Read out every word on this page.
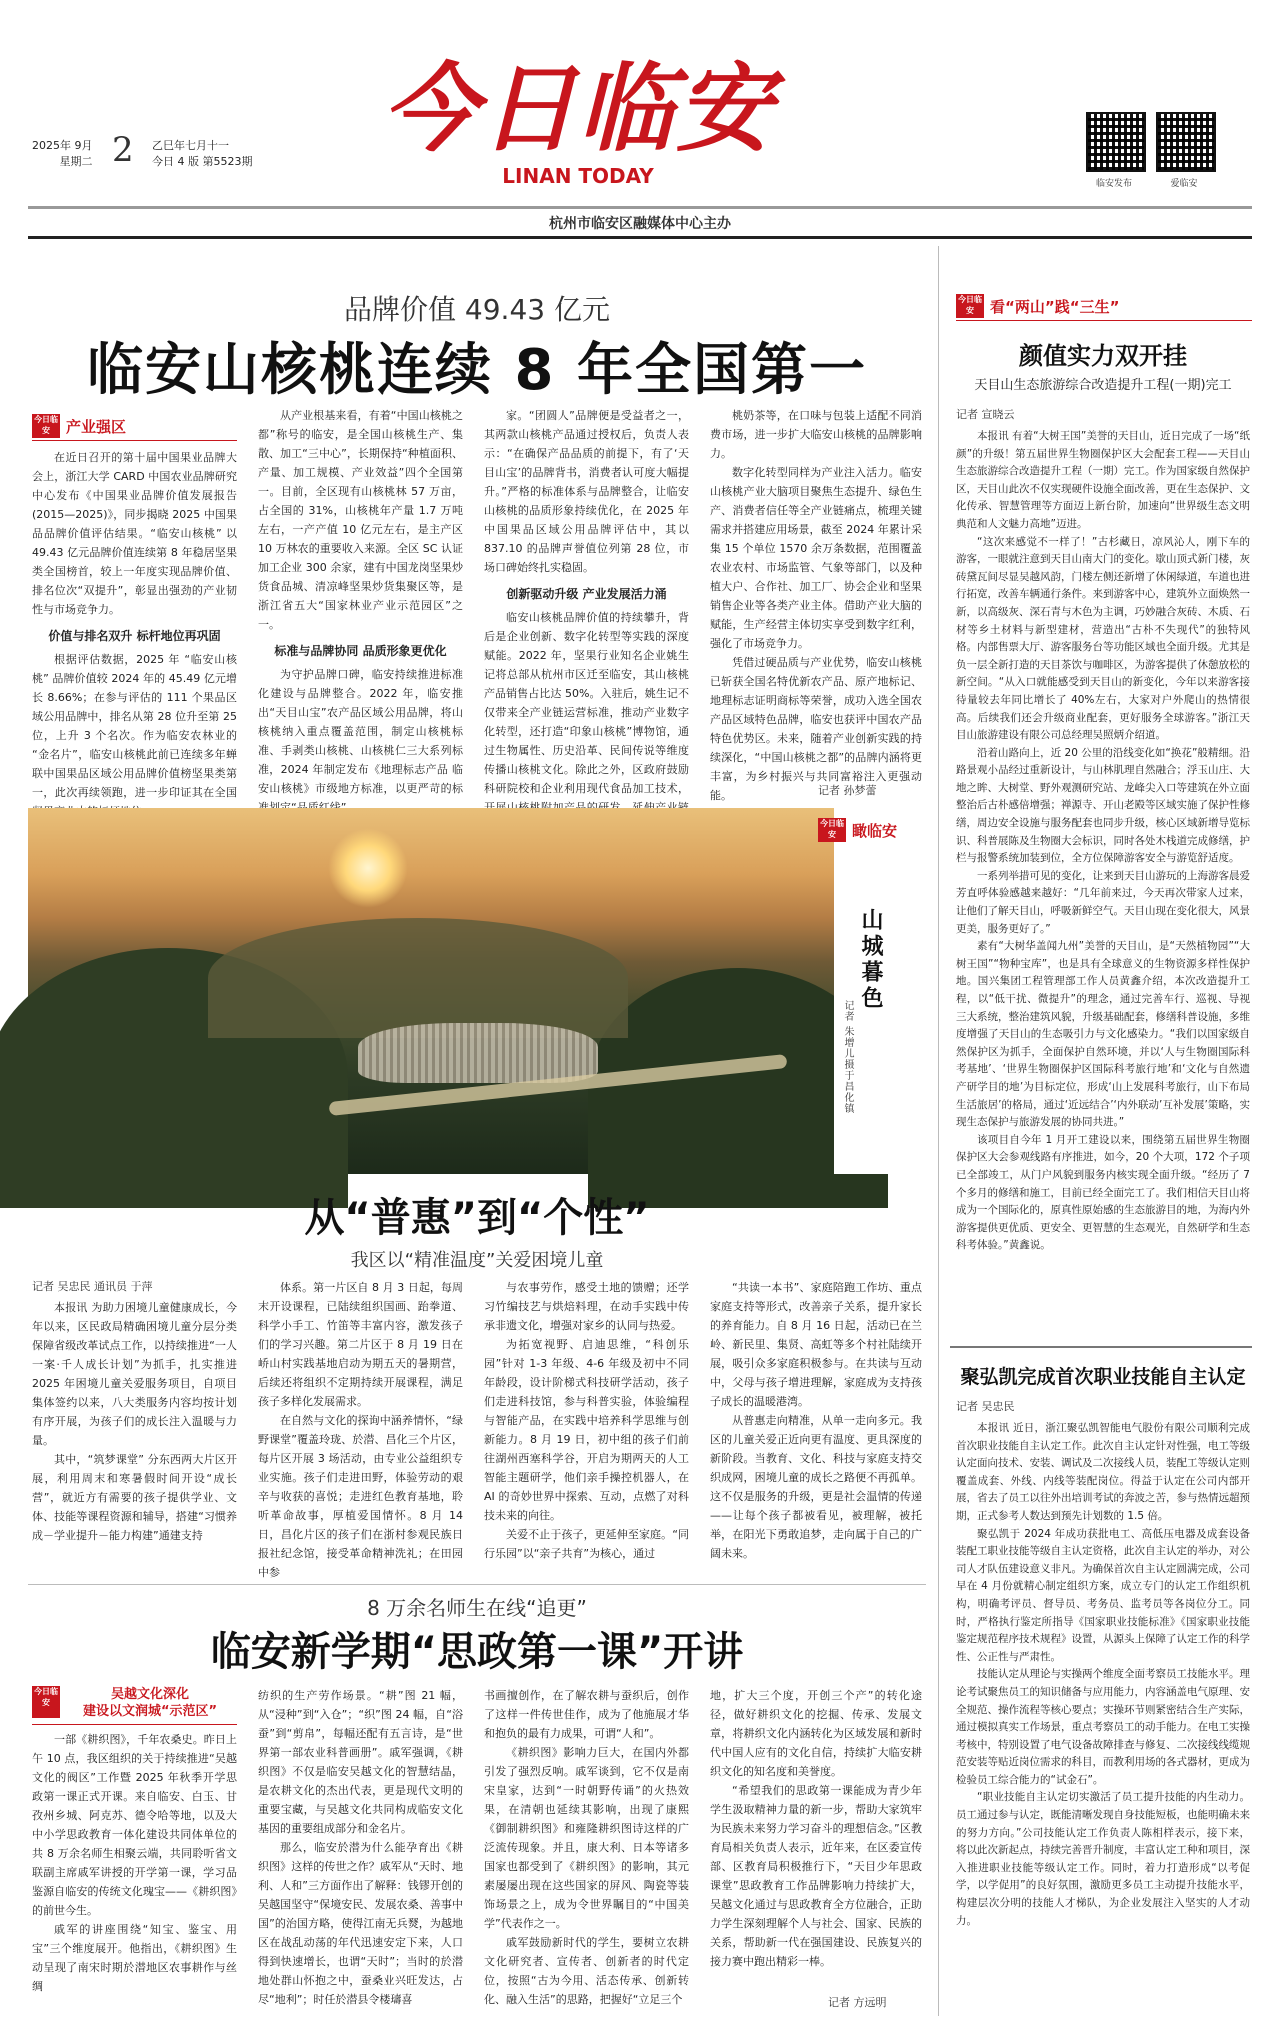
2025年 9月
星期二 2 乙巳年七月十一
今日 4 版 第5523期 今日临安
LINAN TODAY	临安发布	爱临安
杭州市临安区融媒体中心主办
品牌价值 49.43 亿元
临安山核桃连续 8 年全国第一
今日临安	产业强区

在近日召开的第十届中国果业品牌大会上，浙江大学 CARD 中国农业品牌研究中心发布《中国果业品牌价值发展报告(2015—2025)》，同步揭晓 2025 中国果品品牌价值评估结果。“临安山核桃” 以 49.43 亿元品牌价值连续第 8 年稳居坚果类全国榜首，较上一年度实现品牌价值、排名位次“双提升”，彰显出强劲的产业韧性与市场竞争力。

价值与排名双升 标杆地位再巩固

根据评估数据，2025 年 “临安山核桃” 品牌价值较 2024 年的 45.49 亿元增长 8.66%；在参与评估的 111 个果品区域公用品牌中，排名从第 28 位升至第 25 位，上升 3 个名次。作为临安农林业的 “金名片”，临安山核桃此前已连续多年蝉联中国果品区域公用品牌价值榜坚果类第一，此次再续领跑，进一步印证其在全国

从产业根基来看，有着“中国山核桃之都”称号的临安，是全国山核桃生产、集散、加工“三中心”，长期保持“种植面积、产量、加工规模、产业效益”四个全国第一。目前，全区现有山核桃林 57 万亩，占全国的 31%，山核桃年产量 1.7 万吨左右，一产产值 10 亿元左右，是主产区 10 万林农的重要收入来源。全区 SC 认证加工企业 300 余家，建有中国龙岗坚果炒货食品城、清凉峰坚果炒货集聚区等，是浙江省五大“国家林业产业示范园区”之一。

标准与品牌协同 品质形象更优化

为守护品牌口碑，临安持续推进标准化建设与品牌整合。2022 年，临安推出“天目山宝”农产品区域公用品牌，将山核桃纳入重点覆盖范围，制定山核桃标准、手剥类山核桃、山核桃仁三大系列标准，2024 年制定发布《地理标志产品 临安山核桃》市级地方标准，以更严苛的标

家。“团圆人”品牌便是受益者之一，其两款山核桃产品通过授权后，负责人表示：“在确保产品品质的前提下，有了‘天目山宝’的品牌背书，消费者认可度大幅提升。”严格的标准体系与品牌整合，让临安山核桃的品质形象持续优化，在 2025 年中国果品区域公用品牌评估中，其以 837.10 的品牌声誉值位列第 28 位，市场口碑始终扎实稳固。

创新驱动升级 产业发展活力涌

临安山核桃品牌价值的持续攀升，背后是企业创新、数字化转型等实践的深度赋能。2022 年，坚果行业知名企业姚生记将总部从杭州市区迁至临安，其山核桃产品销售占比达 50%。入驻后，姚生记不仅带来全产业链运营标准，推动产业数字化转型，还打造“印象山核桃”博物馆，通过生物属性、历史沿革、民间传说等维度传播山核桃文化。除此之外，区政府鼓励科研院校和企业利用现代食品加工技术，

桃奶茶等，在口味与包装上适配不同消费市场，进一步扩大临安山核桃的品牌影响力。

数字化转型同样为产业注入活力。临安山核桃产业大脑项目聚焦生态提升、绿色生产、消费者信任等全产业链痛点，梳理关键需求并搭建应用场景，截至 2024 年累计采集 15 个单位 1570 余万条数据，范围覆盖农业农村、市场监管、气象等部门，以及种植大户、合作社、加工厂、协会企业和坚果销售企业等各类产业主体。借助产业大脑的赋能，生产经营主体切实享受到数字红利，强化了市场竞争力。

凭借过硬品质与产业优势，临安山核桃已斩获全国名特优新农产品、原产地标记、地理标志证明商标等荣誉，成功入选全国农产品区域特色品牌，临安也获评中国农产品特色优势区。未来，随着产业创新实践的持续深化，“中国山核桃之都”的品牌内涵将更丰富，为乡村振兴与共同富裕注入更强动能。	记者 孙梦蕾
今日临安	瞰临安
山城暮色
记者 朱增儿摄于昌化镇
从“普惠”到“个性”
我区以“精准温度”关爱困境儿童
记者 吴忠民 通讯员 于萍

本报讯 为助力困境儿童健康成长，今年以来，区民政局精确困境儿童分层分类保障省级改革试点工作，以持续推进“一人一案·千人成长计划”为抓手，扎实推进 2025 年困境儿童关爱服务项目，自项目集体签约以来，八大类服务内容均按计划有序开展，为孩子们的成长注入温暖与力量。

其中，“筑梦课堂” 分东西两大片区开展，利用周末和寒暑假时间开设“成长营”，就近方有需要的孩子提供学业、文体、技能等课程资源和辅导，搭建“习惯养成－学业提升－能力构建”通建支持

体系。第一片区自 8 月 3 日起，每周末开设课程，已陆续组织国画、跆拳道、科学小手工、竹笛等丰富内容，激发孩子们的学习兴趣。第二片区于 8 月 19 日在峤山村实践基地启动为期五天的暑期营，后续还将组织不定期持续开展课程，满足孩子多样化发展需求。

在自然与文化的探询中涵养情怀，“绿野课堂”覆盖玲珑、於潜、昌化三个片区，每片区开展 3 场活动，由专业公益组织专业实施。孩子们走进田野，体验劳动的艰辛与收获的喜悦；走进红色教育基地，聆听革命故事，厚植爱国情怀。8 月 14 日，昌化片区的孩子们在浙村参观民族日报社纪念馆，接受革命精神洗礼；在田园中参

与农事劳作，感受土地的馈赠；还学习竹编技艺与烘焙料理，在动手实践中传承非遗文化，增强对家乡的认同与热爱。

为拓宽视野、启迪思维，“科创乐园”针对 1-3 年级、4-6 年级及初中不同年龄段，设计阶梯式科技研学活动，孩子们走进科技馆，参与科普实验，体验编程与智能产品，在实践中培养科学思维与创新能力。8 月 19 日，初中组的孩子们前往湖州西塞科学谷，开启为期两天的人工智能主题研学，他们亲手操控机器人，在 AI 的奇妙世界中探索、互动，点燃了对科技未来的向往。

关爱不止于孩子，更延伸至家庭。“同行乐园”以“亲子共育”为核心，通过

“共读一本书”、家庭陪跑工作坊、重点家庭支持等形式，改善亲子关系，提升家长的养育能力。自 8 月 16 日起，活动已在兰岭、新民里、集贤、高虹等多个村社陆续开展，吸引众多家庭积极参与。在共读与互动中，父母与孩子增进理解，家庭成为支持孩子成长的温暖港湾。

从普惠走向精准，从单一走向多元。我区的儿童关爱正近向更有温度、更具深度的新阶段。当教育、文化、科技与家庭支持交织成网，困境儿童的成长之路便不再孤单。这不仅是服务的升级，更是社会温情的传递——让每个孩子都被看见，被理解，被托举，在阳光下勇敢追梦，走向属于自己的广阔未来。

8 万余名师生在线“追更”
临安新学期“思政第一课”开讲
今日临安
吴越文化深化
建设以文润城“示范区”

一部《耕织图》，千年农桑史。昨日上午 10 点，我区组织的关于持续推进“吴越文化的阀区”工作暨 2025 年秋季开学思政第一课正式开课。来自临安、白玉、甘孜州乡城、阿克苏、德令哈等地，以及大中小学思政教育一体化建设共同体单位的共 8 万余名师生相聚云端，共同聆听省文联副主席戚军讲授的开学第一课，学习品鉴源自临安的传统文化瑰宝——《耕织图》的前世今生。

戚军的讲座围绕“知宝、鉴宝、用宝”三个维度展开。他指出，《耕织图》生动呈现了南宋时期於潜地区农事耕作与丝绸

纺织的生产劳作场景。“耕”图 21 幅，从“浸种”到“入仓”；“织”图 24 幅，自“浴蚕”到“剪帛”，每幅还配有五言诗，是“世界第一部农业科普画册”。戚军强调，《耕织图》不仅是临安吴越文化的智慧结晶，是农耕文化的杰出代表，更是现代文明的重要宝藏，与吴越文化共同构成临安文化基因的重要组成部分和金名片。

那么，临安於潜为什么能孕育出《耕织图》这样的传世之作？戚军从“天时、地利、人和”三方面作出了解释：钱镠开创的吴越国坚守“保境安民、发展农桑、善事中国”的治国方略，使得江南无兵燹，为越地区在战乱动荡的年代迅速安定下来，人口得到快速增长，也谓“天时”；当时的於潜地处群山怀抱之中，蚕桑业兴旺发达，占尽“地利”；时任於潜县令楼璹喜

书画擅创作，在了解农耕与蚕织后，创作了这样一件传世佳作，成为了他施展才华和抱负的最有力成果，可谓“人和”。

《耕织图》影响力巨大，在国内外都引发了强烈反响。戚军谈到，它不仅是南宋皇家，达到“一时朝野传诵”的火热效果，在清朝也延续其影响，出现了康熙《御制耕织图》和雍隆耕织图诗这样的广泛流传现象。并且，康大利、日本等诸多国家也都受到了《耕织图》的影响，其元素屡屡出现在这些国家的屏风、陶瓷等装饰场景之上，成为令世界瞩目的“中国美学”代表作之一。

戚军鼓励新时代的学生，要树立农耕文化研究者、宣传者、创新者的时代定位，按照“古为今用、活态传承、创新转化、融入生活”的思路，把握好“立足三个

地，扩大三个度，开创三个产”的转化途径，做好耕织文化的挖掘、传承、发展文章，将耕织文化内涵转化为区域发展和新时代中国人应有的文化自信，持续扩大临安耕织文化的知名度和美誉度。

“希望我们的思政第一课能成为青少年学生汲取精神力量的新一步，帮助大家筑牢为民族未来努力学习奋斗的理想信念。”区教育局相关负责人表示，近年来，在区委宣传部、区教育局积极推行下，“天目少年思政课堂”思政教育工作品牌影响力持续扩大，吴越文化通过与思政教育全方位融合，正助力学生深刻理解个人与社会、国家、民族的关系，帮助新一代在强国建设、民族复兴的接力赛中跑出精彩一棒。

记者 方远明
今日临安	看“两山”践“三生”
颜值实力双开挂
天目山生态旅游综合改造提升工程(一期)完工
记者 宣晓云

本报讯 有着“大树王国”美誉的天目山，近日完成了一场“纸颜”的升级！第五届世界生物圈保护区大会配套工程——天目山生态旅游综合改造提升工程（一期）完工。作为国家级自然保护区，天目山此次不仅实现硬件设施全面改善，更在生态保护、文化传承、智慧管理等方面迈上新台阶，加速向“世界级生态文明典范和人文魅力高地”迈进。

“这次来感觉不一样了！”古杉藏日，凉风沁人，刚下车的游客，一眼就注意到天目山南大门的变化。歇山顶式新门楼，灰砖黛瓦间尽显吴越风韵，门楼左侧还新增了休闲绿道，车道也进行拓宽，改善车辆通行条件。来到游客中心，建筑外立面焕然一新，以高级灰、深石青与木色为主调，巧妙融合灰砖、木质、石材等乡土材料与新型建材，营造出“古朴不失现代”的独特风格。内部售票大厅、游客服务台等功能区域也全面升级。尤其是负一层全新打造的天目茶饮与咖啡区，为游客提供了休憩放松的新空间。“从入口就能感受到天目山的新变化，今年以来游客接待量较去年同比增长了 40%左右，大家对户外爬山的热情很高。后续我们还会升级商业配套，更好服务全球游客。”浙江天目山旅游建设有限公司总经理吴照炳介绍道。

沿着山路向上，近 20 公里的沿线变化如“换花”般精细。沿路景观小品经过重新设计，与山林肌理自然融合；浮玉山庄、大地之眸、大树堂、野外观测研究站、龙峰尖入口等建筑在外立面整治后古朴感倍增强；禅源寺、开山老殿等区域实施了保护性修缮，周边安全设施与服务配套也同步升级，核心区域新增导览标识、科普展陈及生物圈大会标识，同时各处木栈道完成修缮，护栏与报警系统加装到位，全方位保障游客安全与游览舒适度。

一系列举措可见的变化，让来到天目山游玩的上海游客晨爱芳直呼体验感越来越好：“几年前来过，今天再次带家人过来，让他们了解天目山，呼吸新鲜空气。天目山现在变化很大，风景更美，服务更好了。”

素有“大树华盖闻九州”美誉的天目山，是“天然植物园”“大树王国”“物种宝库”，也是具有全球意义的生物资源多样性保护地。国兴集团工程管理部工作人员黄鑫介绍，本次改造提升工程，以“低干扰、微提升”的理念，通过完善车行、巡视、导视三大系统，整治建筑风貌，升级基础配套，修缮科普设施，多维度增强了天目山的生态吸引力与文化感染力。“我们以国家级自然保护区为抓手，全面保护自然环境，并以‘人与生物圈国际科考基地’、‘世界生物圈保护区国际科考旅行地’和‘文化与自然遗产研学目的地’为目标定位，形成‘山上发展科考旅行，山下布局生活旅居’的格局，通过‘近远结合’‘内外联动’互补发展’策略，实现生态保护与旅游发展的协同共进。”

该项目自今年 1 月开工建设以来，围绕第五届世界生物圈保护区大会参观线路有序推进，如今，20 个大项，172 个子项已全部竣工，从门户风貌到服务内核实现全面升级。“经历了 7 个多月的修缮和施工，目前已经全面完工了。我们相信天目山将成为一个国际化的，原真性原始感的生态旅游目的地，为海内外游客提供更优质、更安全、更智慧的生态观光，自然研学和生态科考体验。”黄鑫说。

聚弘凯完成首次职业技能自主认定
记者 吴忠民

本报讯 近日，浙江聚弘凯智能电气股份有限公司顺利完成首次职业技能自主认定工作。此次自主认定针对性强，电工等级认定面向技术、安装、调试及二次接线人员，装配工等级认定则覆盖成套、外线、内线等装配岗位。得益于认定在公司内部开展，省去了员工以往外出培训考试的奔波之苦，参与热情远超预期，正式参考人数达到预先计划数的 1.5 倍。

聚弘凯于 2024 年成功获批电工、高低压电器及成套设备装配工职业技能等级自主认定资格，此次自主认定的举办，对公司人才队伍建设意义非凡。为确保首次自主认定圆满完成，公司早在 4 月份就精心制定组织方案，成立专门的认定工作组织机构，明确考评员、督导员、考务员、监考员等各岗位分工。同时，严格执行鉴定所指导《国家职业技能标准》《国家职业技能鉴定规范程序技术规程》设置，从源头上保障了认定工作的科学性、公正性与严肃性。

技能认定从理论与实操两个维度全面考察员工技能水平。理论考试聚焦员工的知识储备与应用能力，内容涵盖电气原理、安全规范、操作流程等核心要点；实操环节则紧密结合生产实际，通过模拟真实工作场景，重点考察员工的动手能力。在电工实操考核中，特别设置了电气设备故障排查与修复、二次接线线缆规范安装等贴近岗位需求的科目，而教利用场的各式器材，更成为检验员工综合能力的“试金石”。

“职业技能自主认定切实激活了员工提升技能的内生动力。员工通过参与认定，既能清晰发现自身技能短板，也能明确未来的努力方向。”公司技能认定工作负责人陈相样表示，接下来，将以此次新起点，持续完善晋升制度，丰富认定工种和项目，深入推进职业技能等级认定工作。同时，着力打造形成“以考促学，以学促用”的良好氛围，激励更多员工主动提升技能水平，构建层次分明的技能人才梯队，为企业发展注入坚实的人才动力。
